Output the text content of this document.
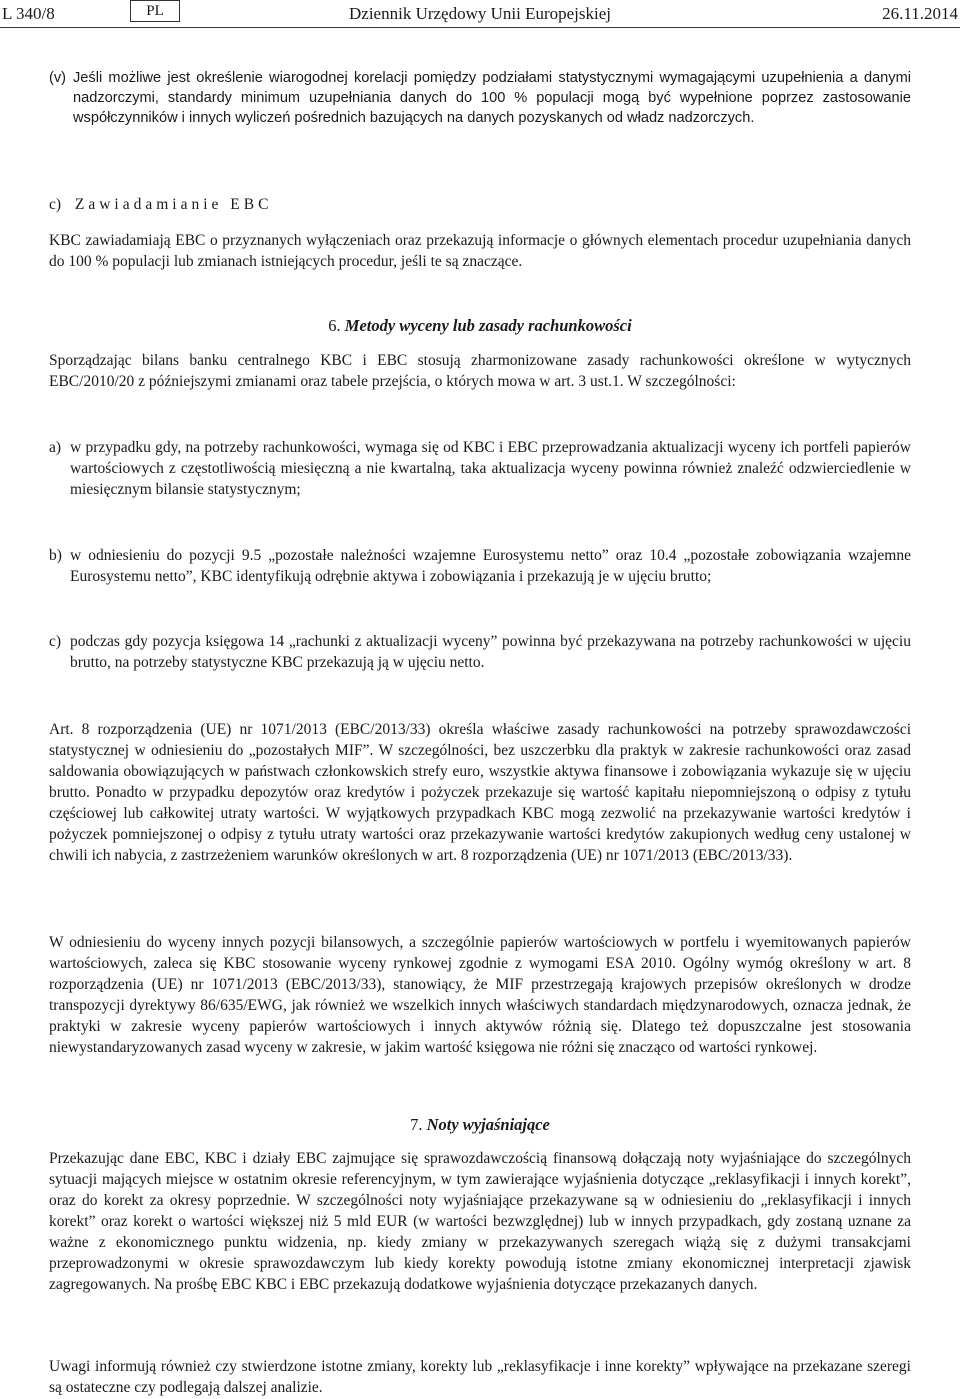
L 340/8	PL	Dziennik Urzędowy Unii Europejskiej	26.11.2014
(v) Jeśli możliwe jest określenie wiarogodnej korelacji pomiędzy podziałami statystycznymi wymagającymi uzupełnienia a danymi nadzorczymi, standardy minimum uzupełniania danych do 100 % populacji mogą być wypełnione poprzez zastosowanie współczynników i innych wyliczeń pośrednich bazujących na danych pozyskanych od władz nadzorczych.
c) Zawiadamianie EBC
KBC zawiadamiają EBC o przyznanych wyłączeniach oraz przekazują informacje o głównych elementach procedur uzupełniania danych do 100 % populacji lub zmianach istniejących procedur, jeśli te są znaczące.
6. Metody wyceny lub zasady rachunkowości
Sporządzając bilans banku centralnego KBC i EBC stosują zharmonizowane zasady rachunkowości określone w wytycznych EBC/2010/20 z późniejszymi zmianami oraz tabele przejścia, o których mowa w art. 3 ust.1. W szczególności:
a) w przypadku gdy, na potrzeby rachunkowości, wymaga się od KBC i EBC przeprowadzania aktualizacji wyceny ich portfeli papierów wartościowych z częstotliwością miesięczną a nie kwartalną, taka aktualizacja wyceny powinna również znaleźć odzwierciedlenie w miesięcznym bilansie statystycznym;
b) w odniesieniu do pozycji 9.5 „pozostałe należności wzajemne Eurosystemu netto” oraz 10.4 „pozostałe zobowiązania wzajemne Eurosystemu netto”, KBC identyfikują odrębnie aktywa i zobowiązania i przekazują je w ujęciu brutto;
c) podczas gdy pozycja księgowa 14 „rachunki z aktualizacji wyceny” powinna być przekazywana na potrzeby rachunkowości w ujęciu brutto, na potrzeby statystyczne KBC przekazują ją w ujęciu netto.
Art. 8 rozporządzenia (UE) nr 1071/2013 (EBC/2013/33) określa właściwe zasady rachunkowości na potrzeby sprawozdawczości statystycznej w odniesieniu do „pozostałych MIF”. W szczególności, bez uszczerbku dla praktyk w zakresie rachunkowości oraz zasad saldowania obowiązujących w państwach członkowskich strefy euro, wszystkie aktywa finansowe i zobowiązania wykazuje się w ujęciu brutto. Ponadto w przypadku depozytów oraz kredytów i pożyczek przekazuje się wartość kapitału niepomniejszoną o odpisy z tytułu częściowej lub całkowitej utraty wartości. W wyjątkowych przypadkach KBC mogą zezwolić na przekazywanie wartości kredytów i pożyczek pomniejszonej o odpisy z tytułu utraty wartości oraz przekazywanie wartości kredytów zakupionych według ceny ustalonej w chwili ich nabycia, z zastrzeżeniem warunków określonych w art. 8 rozporządzenia (UE) nr 1071/2013 (EBC/2013/33).
W odniesieniu do wyceny innych pozycji bilansowych, a szczególnie papierów wartościowych w portfelu i wyemitowanych papierów wartościowych, zaleca się KBC stosowanie wyceny rynkowej zgodnie z wymogami ESA 2010. Ogólny wymóg określony w art. 8 rozporządzenia (UE) nr 1071/2013 (EBC/2013/33), stanowiący, że MIF przestrzegają krajowych przepisów określonych w drodze transpozycji dyrektywy 86/635/EWG, jak również we wszelkich innych właściwych standardach międzynarodowych, oznacza jednak, że praktyki w zakresie wyceny papierów wartościowych i innych aktywów różnią się. Dlatego też dopuszczalne jest stosowania niewystandaryzowanych zasad wyceny w zakresie, w jakim wartość księgowa nie różni się znacząco od wartości rynkowej.
7. Noty wyjaśniające
Przekazując dane EBC, KBC i działy EBC zajmujące się sprawozdawczością finansową dołączają noty wyjaśniające do szczególnych sytuacji mających miejsce w ostatnim okresie referencyjnym, w tym zawierające wyjaśnienia dotyczące „reklasyfikacji i innych korekt”, oraz do korekt za okresy poprzednie. W szczególności noty wyjaśniające przekazywane są w odniesieniu do „reklasyfikacji i innych korekt” oraz korekt o wartości większej niż 5 mld EUR (w wartości bezwzględnej) lub w innych przypadkach, gdy zostaną uznane za ważne z ekonomicznego punktu widzenia, np. kiedy zmiany w przekazywanych szeregach wiążą się z dużymi transakcjami przeprowadzonymi w okresie sprawozdawczym lub kiedy korekty powodują istotne zmiany ekonomicznej interpretacji zjawisk zagregowanych. Na prośbę EBC KBC i EBC przekazują dodatkowe wyjaśnienia dotyczące przekazanych danych.
Uwagi informują również czy stwierdzone istotne zmiany, korekty lub „reklasyfikacje i inne korekty” wpływające na przekazane szeregi są ostateczne czy podlegają dalszej analizie.
